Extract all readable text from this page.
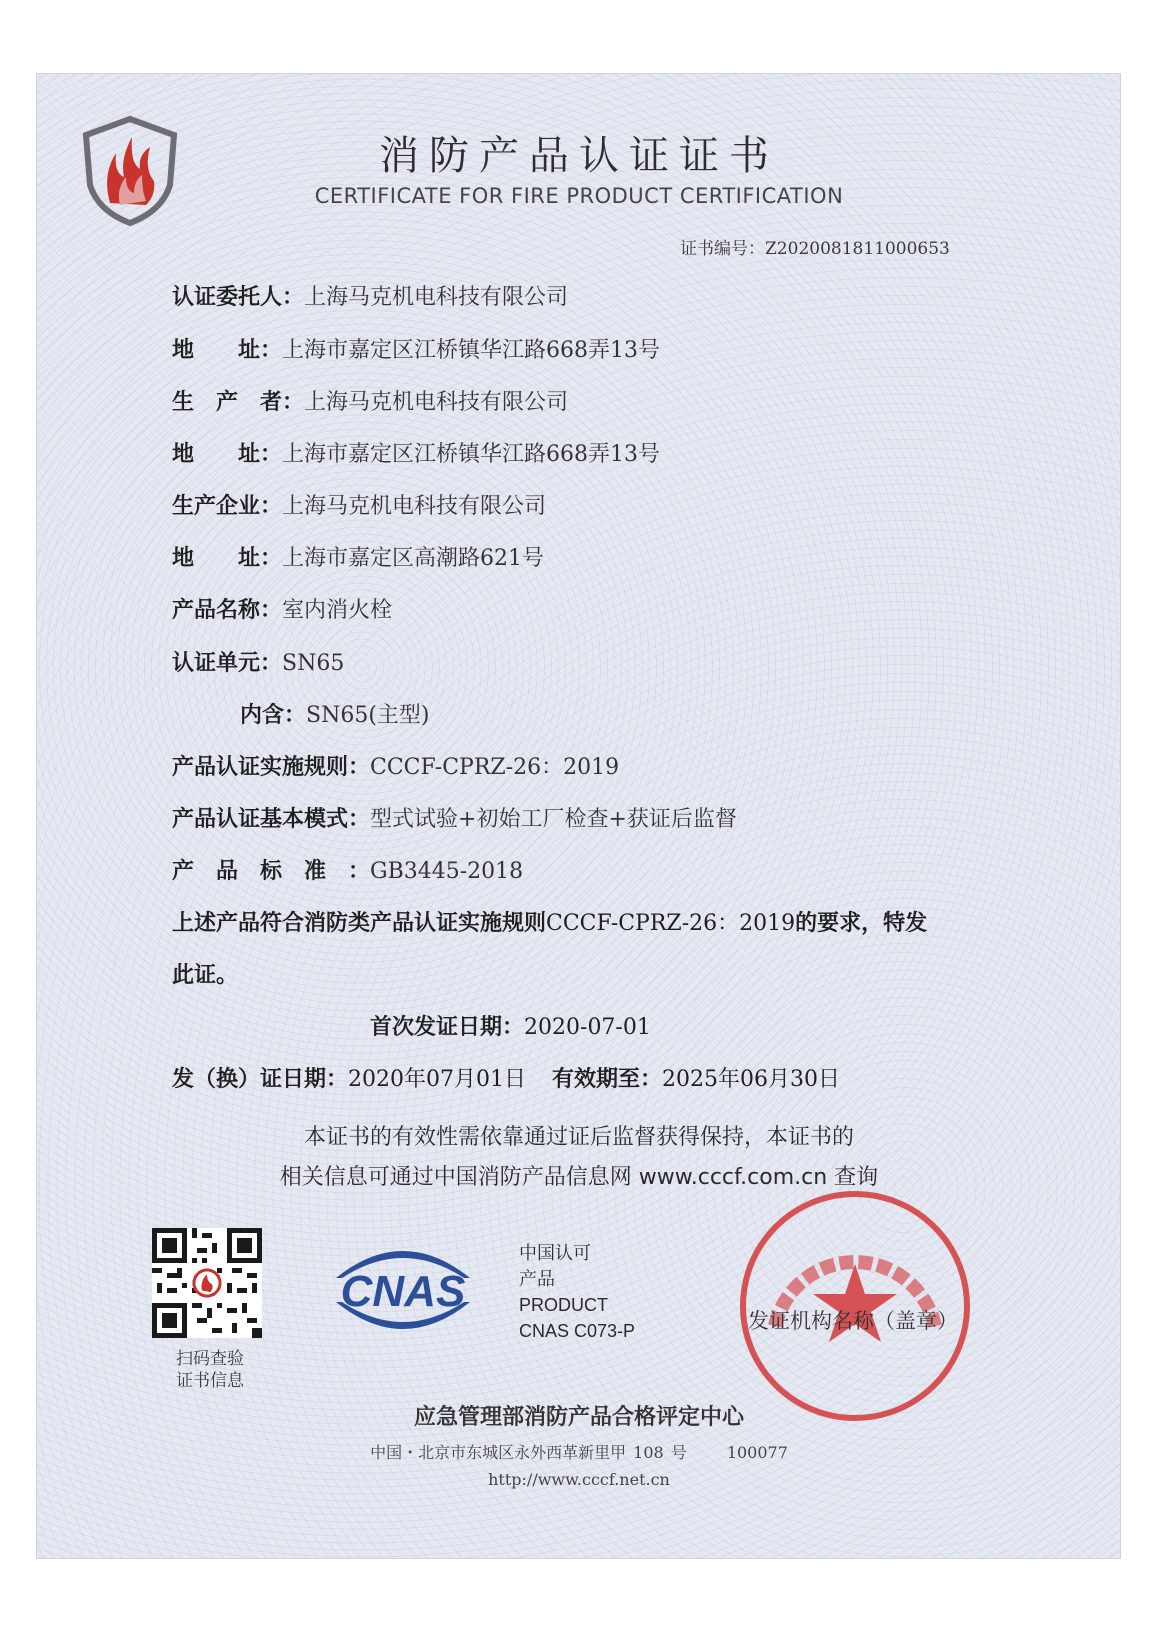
消防产品认证证书
CERTIFICATE FOR FIRE PRODUCT CERTIFICATION
证书编号：Z2020081811000653
认证委托人：上海马克机电科技有限公司
地　　址：上海市嘉定区江桥镇华江路668弄13号
生　产　者：上海马克机电科技有限公司
地　　址：上海市嘉定区江桥镇华江路668弄13号
生产企业：上海马克机电科技有限公司
地　　址：上海市嘉定区高潮路621号
产品名称：室内消火栓
认证单元：SN65
内含：SN65(主型)
产品认证实施规则：CCCF-CPRZ-26：2019
产品认证基本模式：型式试验+初始工厂检查+获证后监督
产　品　标　准　：GB3445-2018
上述产品符合消防类产品认证实施规则CCCF-CPRZ-26：2019的要求，特发
此证。
首次发证日期：2020-07-01
发（换）证日期：2020年07月01日 有效期至：2025年06月30日
本证书的有效性需依靠通过证后监督获得保持，本证书的
相关信息可通过中国消防产品信息网 www.cccf.com.cn 查询
扫码查验
证书信息
CNAS
中国认可
产品
PRODUCT
CNAS C073-P	发证机构名称（盖章）
应急管理部消防产品合格评定中心
中国・北京市东城区永外西革新里甲 108 号	100077
http://www.cccf.net.cn
